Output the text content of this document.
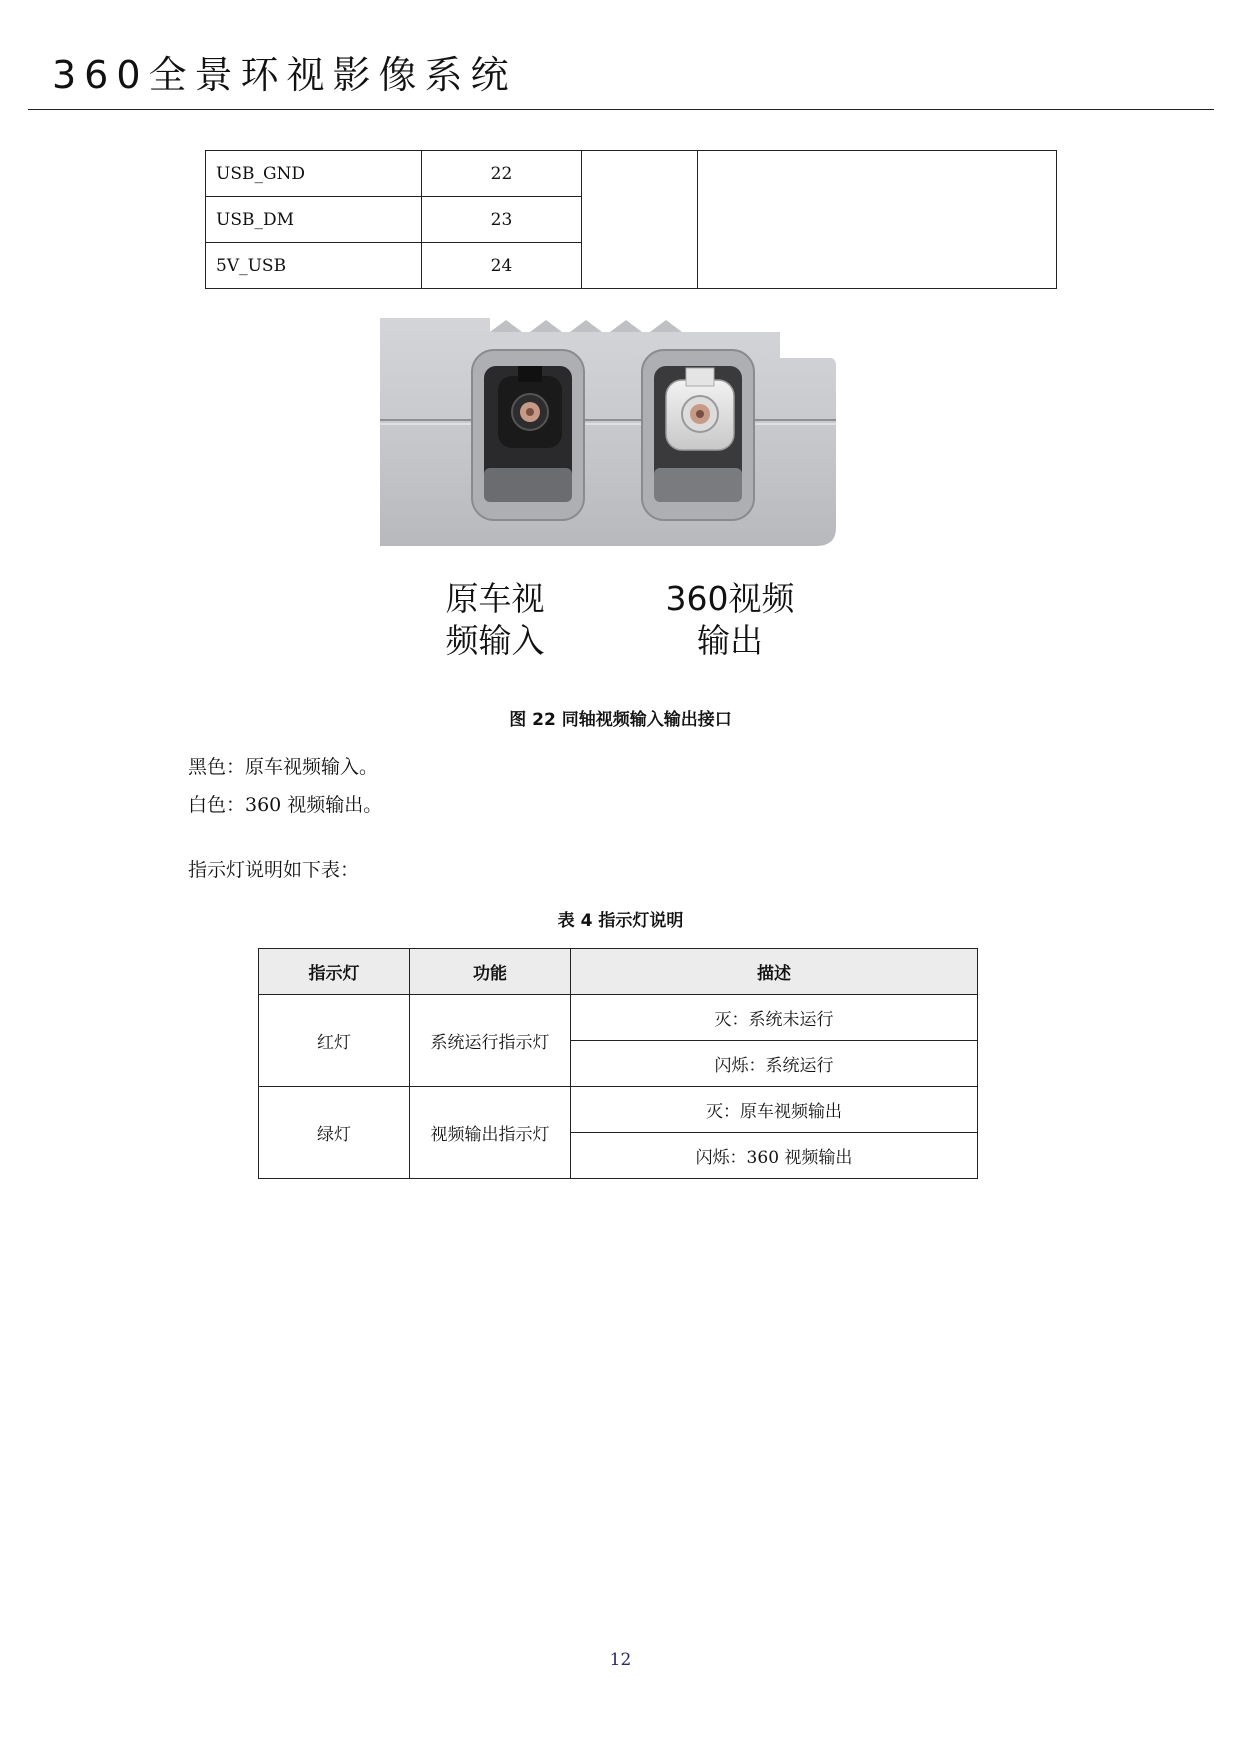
360全景环视影像系统
USB_GND	22		
USB_DM	23		
5V_USB	24		
原车视
频输入
360视频
输出
图 22 同轴视频输入输出接口
黑色：原车视频输入。
白色：360 视频输出。
指示灯说明如下表：
表 4 指示灯说明
指示灯	功能	描述
红灯	系统运行指示灯	灭：系统未运行
		闪烁：系统运行
绿灯	视频输出指示灯	灭：原车视频输出
		闪烁：360 视频输出
12
